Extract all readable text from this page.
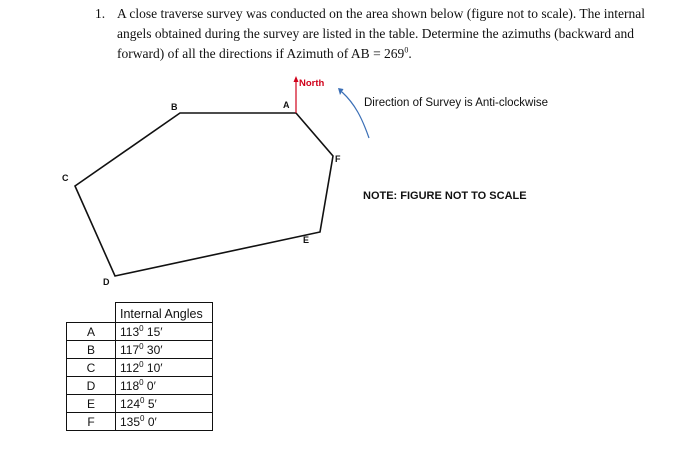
1. A close traverse survey was conducted on the area shown below (figure not to scale). The internal angels obtained during the survey are listed in the table. Determine the azimuths (backward and forward) of all the directions if Azimuth of AB = $269^0$.
North
A
B
C
D
E
F
Direction of Survey is Anti-clockwise
NOTE: FIGURE NOT TO SCALE
	Internal Angles
A	$113^0$ 15′
B	$117^0$ 30′
C	$112^0$ 10′
D	$118^0$ 0′
E	$124^0$ 5′
F	$135^0$ 0′
